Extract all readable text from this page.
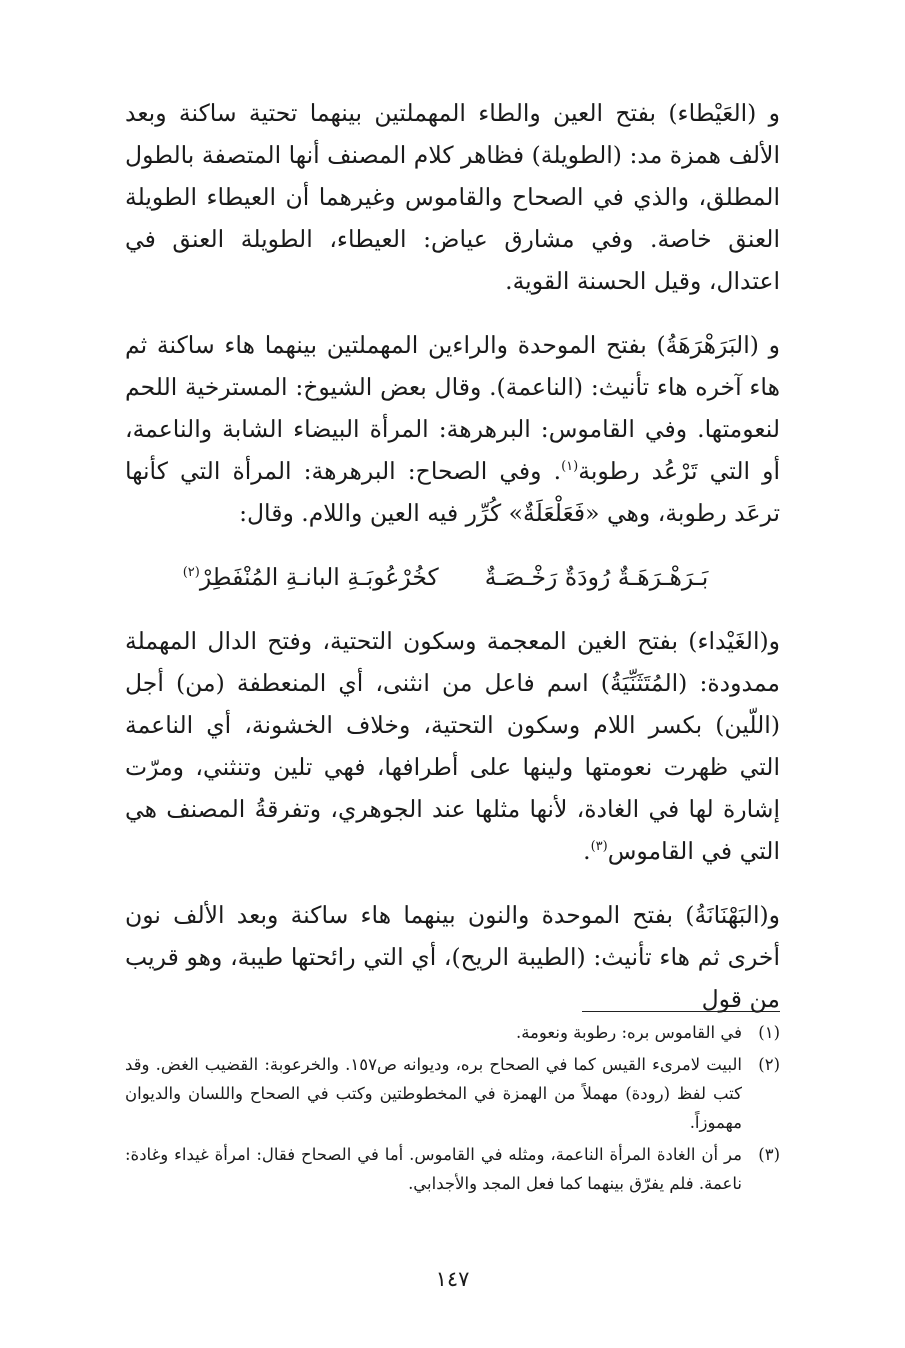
و (العَيْطاء) بفتح العين والطاء المهملتين بينهما تحتية ساكنة وبعد الألف همزة مد: (الطويلة) فظاهر كلام المصنف أنها المتصفة بالطول المطلق، والذي في الصحاح والقاموس وغيرهما أن العيطاء الطويلة العنق خاصة. وفي مشارق عياض: العيطاء، الطويلة العنق في اعتدال، وقيل الحسنة القوية.

و (البَرَهْرَهَةُ) بفتح الموحدة والراءين المهملتين بينهما هاء ساكنة ثم هاء آخره هاء تأنيث: (الناعمة). وقال بعض الشيوخ: المسترخية اللحم لنعومتها. وفي القاموس: البرهرهة: المرأة البيضاء الشابة والناعمة، أو التي تَرْعُد رطوبة$^{(١)}$. وفي الصحاح: البرهرهة: المرأة التي كأنها ترعَد رطوبة، وهي «فَعَلْعَلَةٌ» كُرِّر فيه العين واللام. وقال:

بَـرَهْـرَهَـةٌ رُودَةٌ رَخْـصَـةٌ
كخُرْعُوبَـةِ البانـةِ المُنْفَطِرْ$^{(٢)}$

و(الغَيْداء) بفتح الغين المعجمة وسكون التحتية، وفتح الدال المهملة ممدودة: (المُتَثَنِّيَةُ) اسم فاعل من انثنى، أي المنعطفة (من) أجل (اللّين) بكسر اللام وسكون التحتية، وخلاف الخشونة، أي الناعمة التي ظهرت نعومتها ولينها على أطرافها، فهي تلين وتنثني، ومرّت إشارة لها في الغادة، لأنها مثلها عند الجوهري، وتفرقةُ المصنف هي التي في القاموس$^{(٣)}$.

و(البَهْنَانَةُ) بفتح الموحدة والنون بينهما هاء ساكنة وبعد الألف نون أخرى ثم هاء تأنيث: (الطيبة الريح)، أي التي رائحتها طيبة، وهو قريب من قول

(١)
في القاموس بره: رطوبة ونعومة.
(٢)
البيت لامرىء القيس كما في الصحاح بره، وديوانه ص١٥٧. والخرعوبة: القضيب الغض. وقد كتب لفظ (رودة) مهملاً من الهمزة في المخطوطتين وكتب في الصحاح واللسان والديوان مهموزاً.
(٣)
مر أن الغادة المرأة الناعمة، ومثله في القاموس. أما في الصحاح فقال: امرأة غيداء وغادة: ناعمة. فلم يفرّق بينهما كما فعل المجد والأجدابي.
١٤٧
